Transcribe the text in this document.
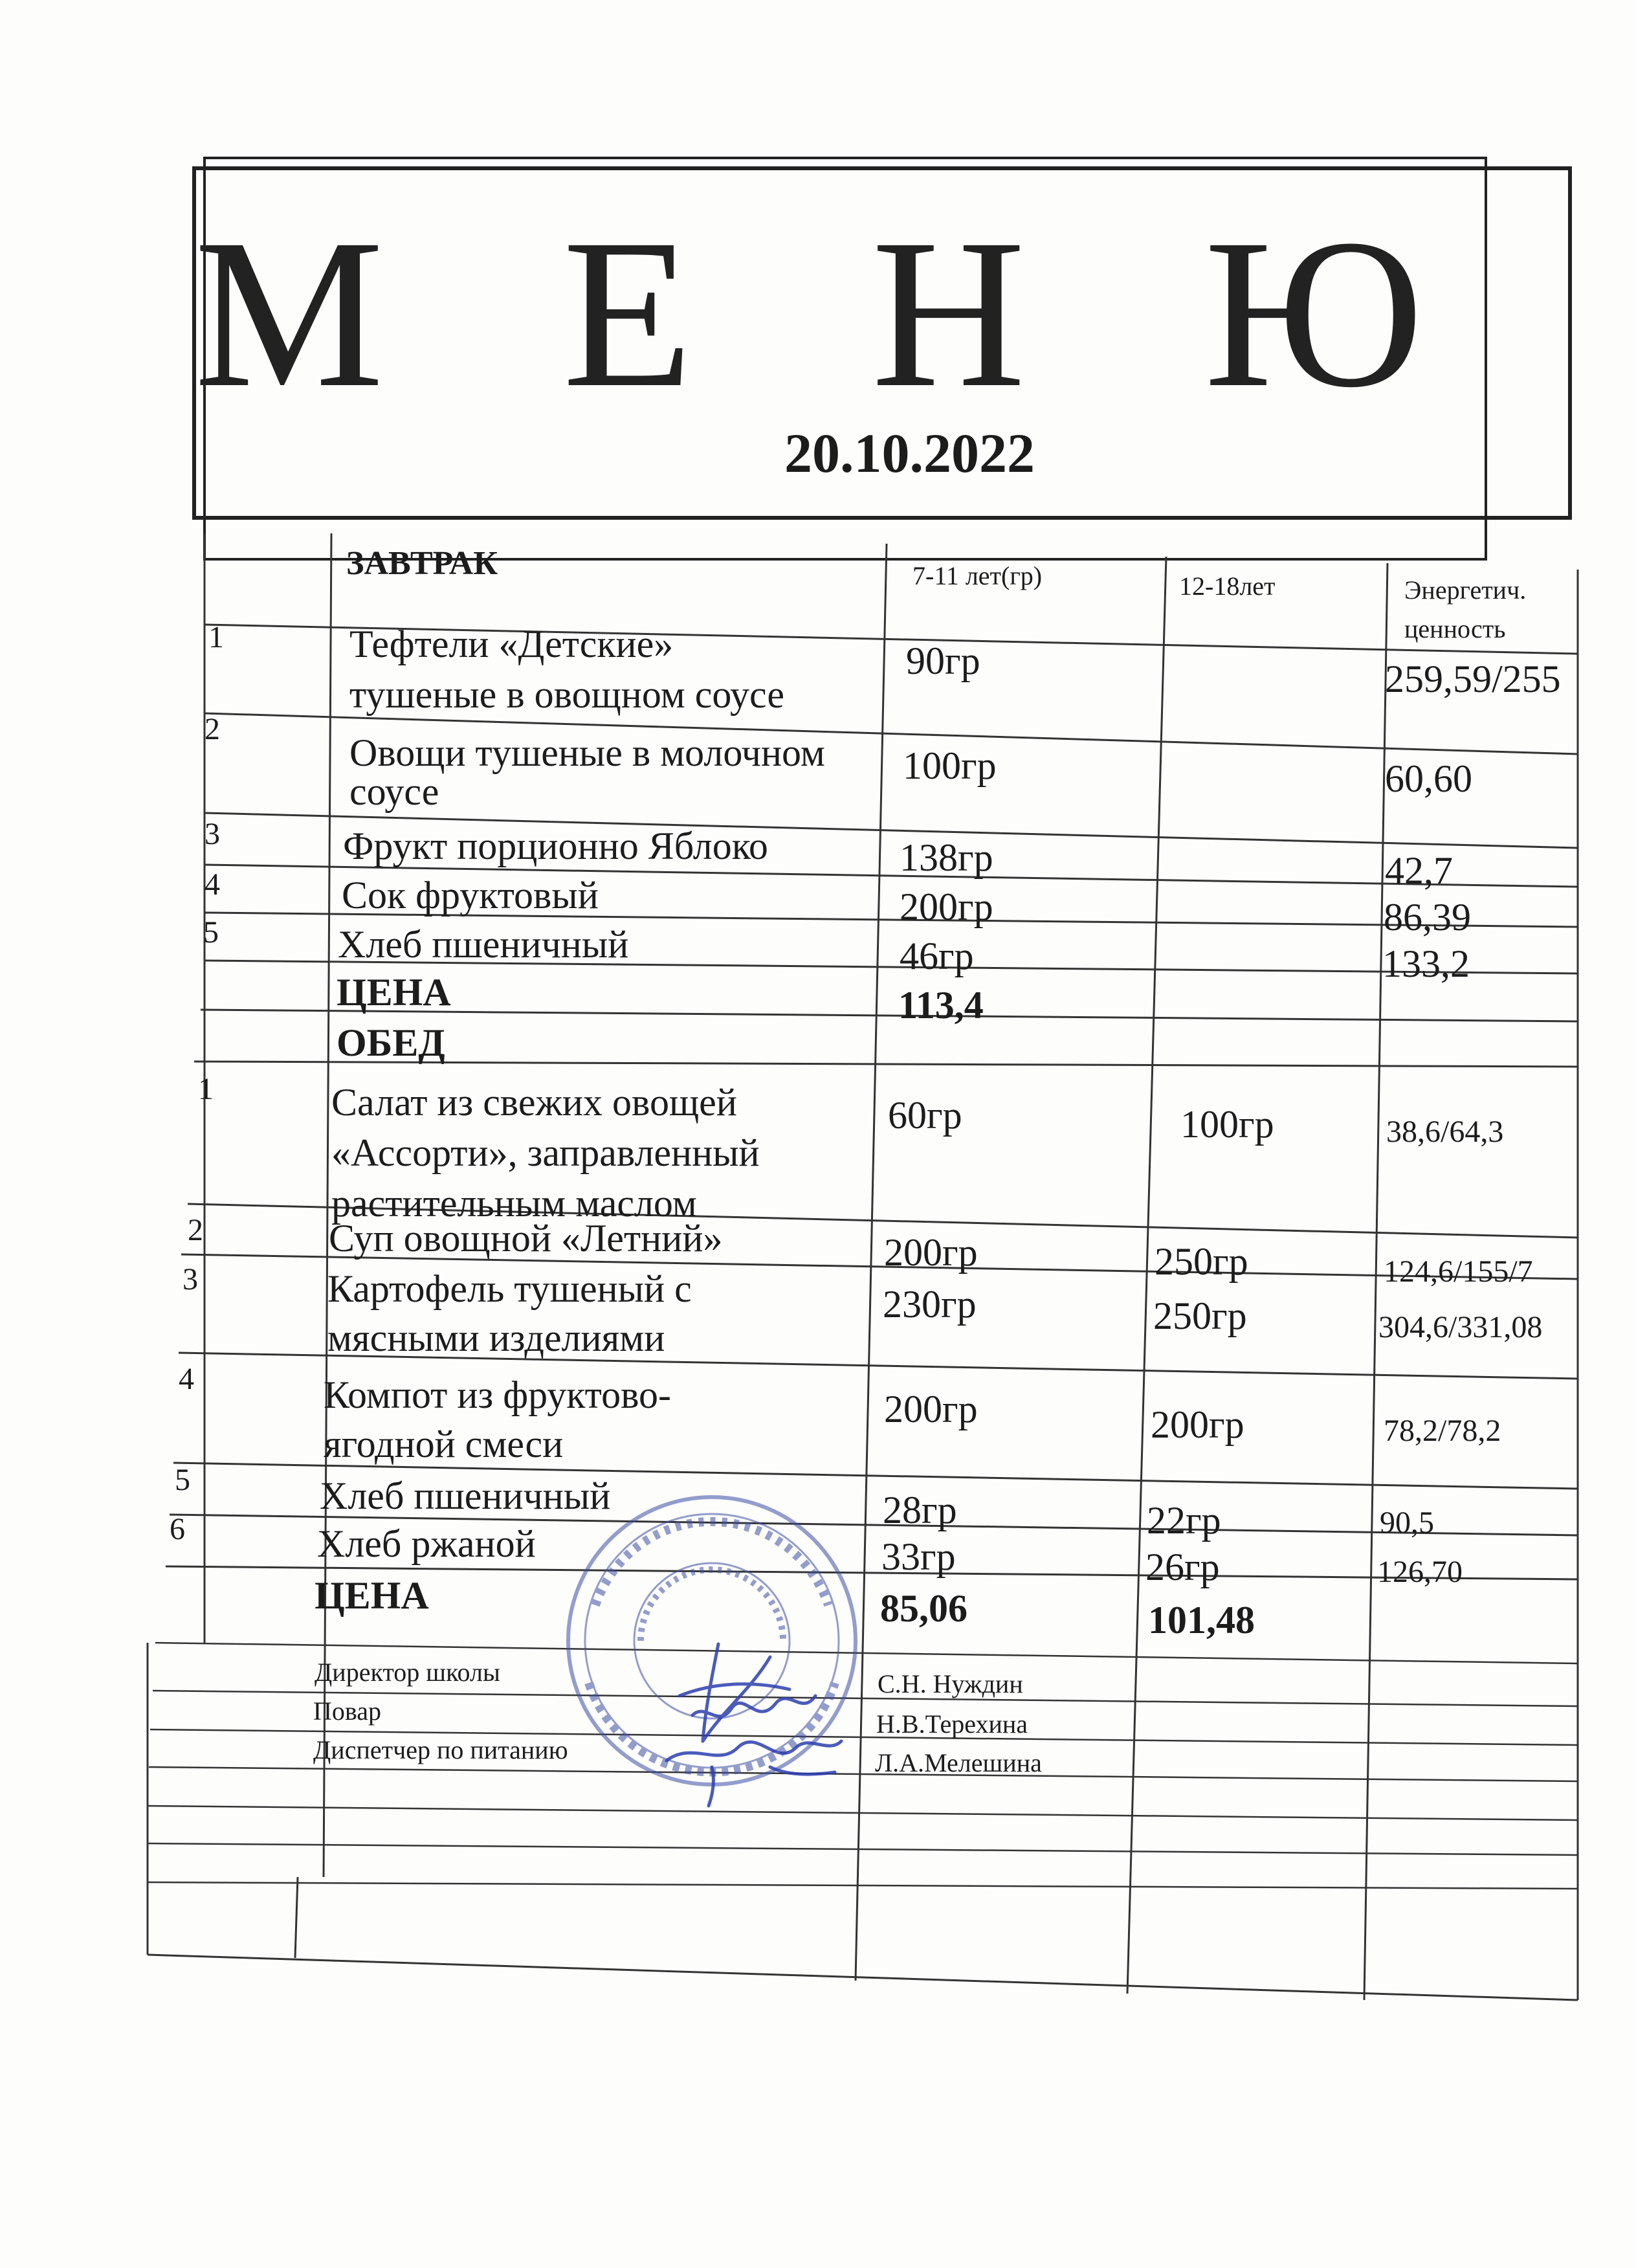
М Е Н Ю
20.10.2022
ЗАВТРАК	7-11 лет(гр)	12-18лет	Энергетич.
ценность
1	Тефтели «Детские»
тушеные в овощном соусе
90гр	259,59/255
2
Овощи тушеные в молочном
соусе
100гр	60,60
3	Фрукт порционно Яблоко	138гр	42,7
4	Сок фруктовый	200гр	86,39
5	Хлеб пшеничный	46гр	133,2
ЦЕНА	113,4
ОБЕД
1	Салат из свежих овощей
«Ассорти», заправленный
растительным маслом
60гр	100гр	38,6/64,3
2	Суп овощной «Летний»	200гр	250гр	124,6/155/7
3	Картофель тушеный с
мясными изделиями
230гр	250гр	304,6/331,08
4	Компот из фруктово-
ягодной смеси
200гр	200гр	78,2/78,2
5	Хлеб пшеничный	28гр	22гр	90,5
6	Хлеб ржаной	33гр	26гр	126,70
ЦЕНА	85,06	101,48
Директор школы	С.Н. Нуждин
Повар	Н.В.Терехина
Диспетчер по питанию	Л.А.Мелешина
